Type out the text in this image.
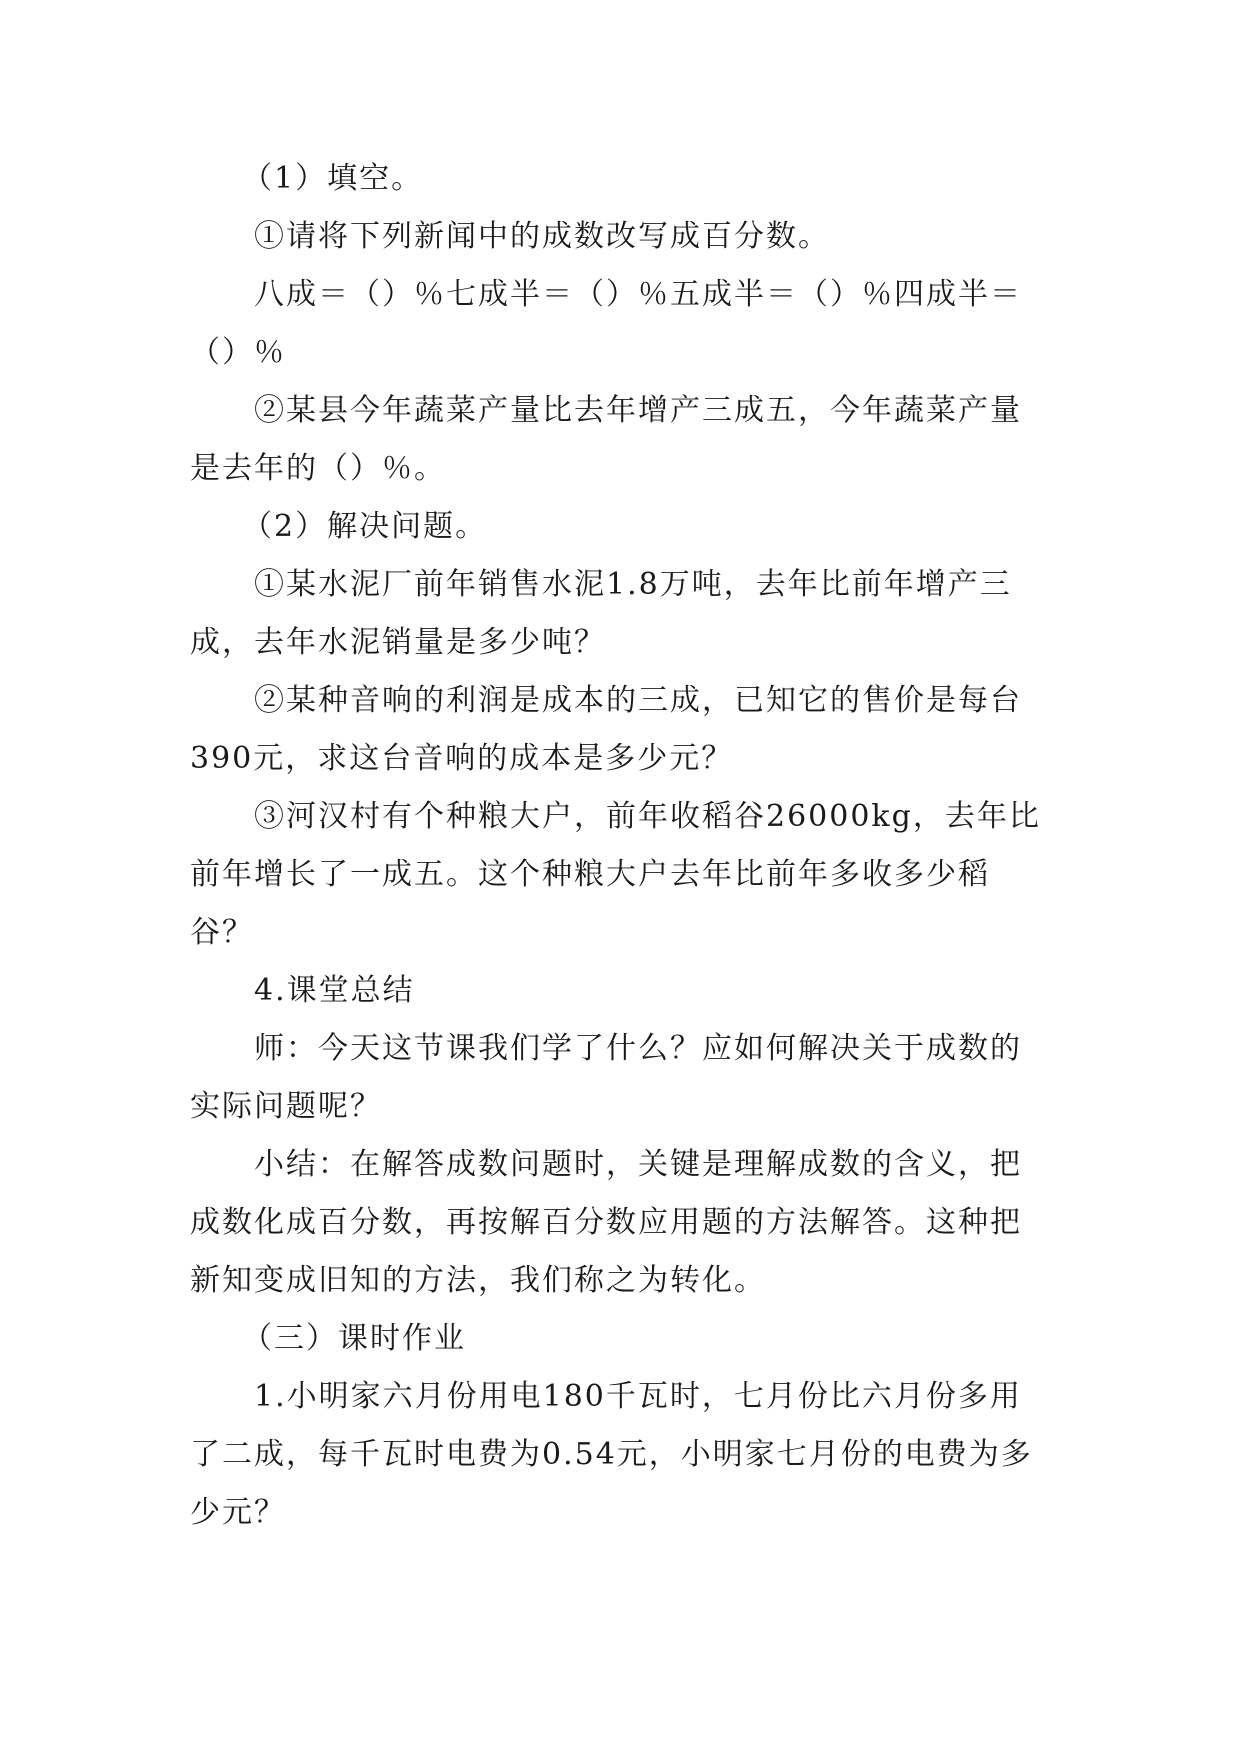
（1）填空。

①请将下列新闻中的成数改写成百分数。

八成＝（）％七成半＝（）％五成半＝（）％四成半＝（）％

②某县今年蔬菜产量比去年增产三成五，今年蔬菜产量是去年的（）％。

（2）解决问题。

①某水泥厂前年销售水泥1.8万吨，去年比前年增产三成，去年水泥销量是多少吨？

②某种音响的利润是成本的三成，已知它的售价是每台390元，求这台音响的成本是多少元？

③河汉村有个种粮大户，前年收稻谷26000kg，去年比前年增长了一成五。这个种粮大户去年比前年多收多少稻谷？

4.课堂总结

师：今天这节课我们学了什么？应如何解决关于成数的实际问题呢？

小结：在解答成数问题时，关键是理解成数的含义，把成数化成百分数，再按解百分数应用题的方法解答。这种把新知变成旧知的方法，我们称之为转化。

（三）课时作业

1.小明家六月份用电180千瓦时，七月份比六月份多用了二成，每千瓦时电费为0.54元，小明家七月份的电费为多少元？
